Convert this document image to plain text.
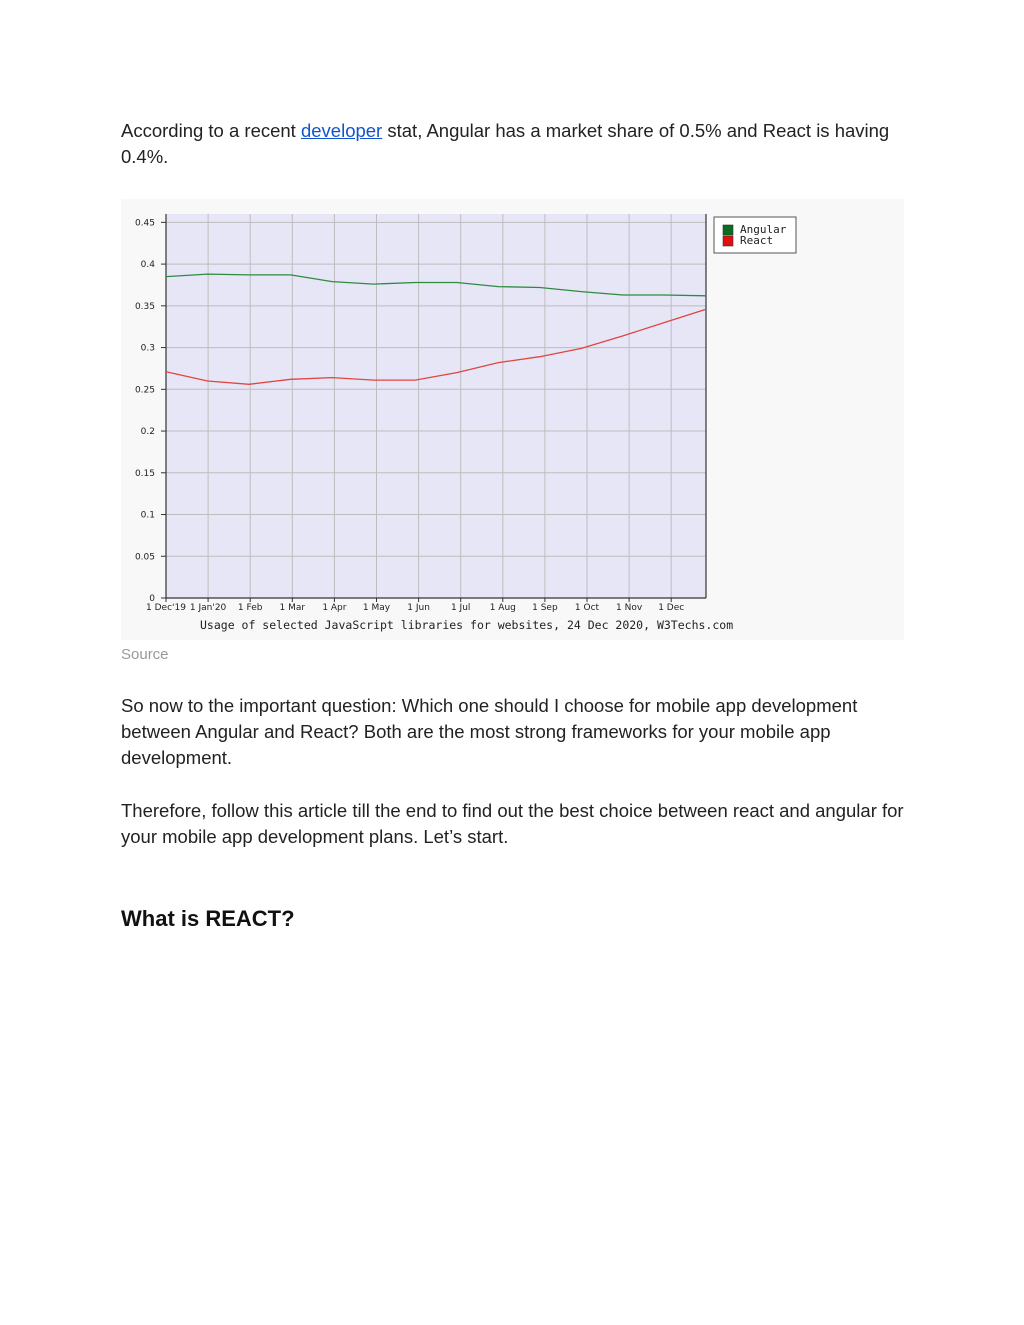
According to a recent developer stat, Angular has a market share of 0.5% and React is having 0.4%.

0
0.05
0.1
0.15
0.2
0.25
0.3
0.35
0.4
0.45
1 Dec'19 1 Jan'20 1 Feb 1 Mar 1 Apr 1 May 1 Jun 1 Jul 1 Aug 1 Sep 1 Oct 1 Nov 1 Dec
Angular
React
Usage of selected JavaScript libraries for websites, 24 Dec 2020, W3Techs.com

Source

So now to the important question: Which one should I choose for mobile app development between Angular and React? Both are the most strong frameworks for your mobile app development.

Therefore, follow this article till the end to find out the best choice between react and angular for your mobile app development plans. Let’s start.

What is REACT?
